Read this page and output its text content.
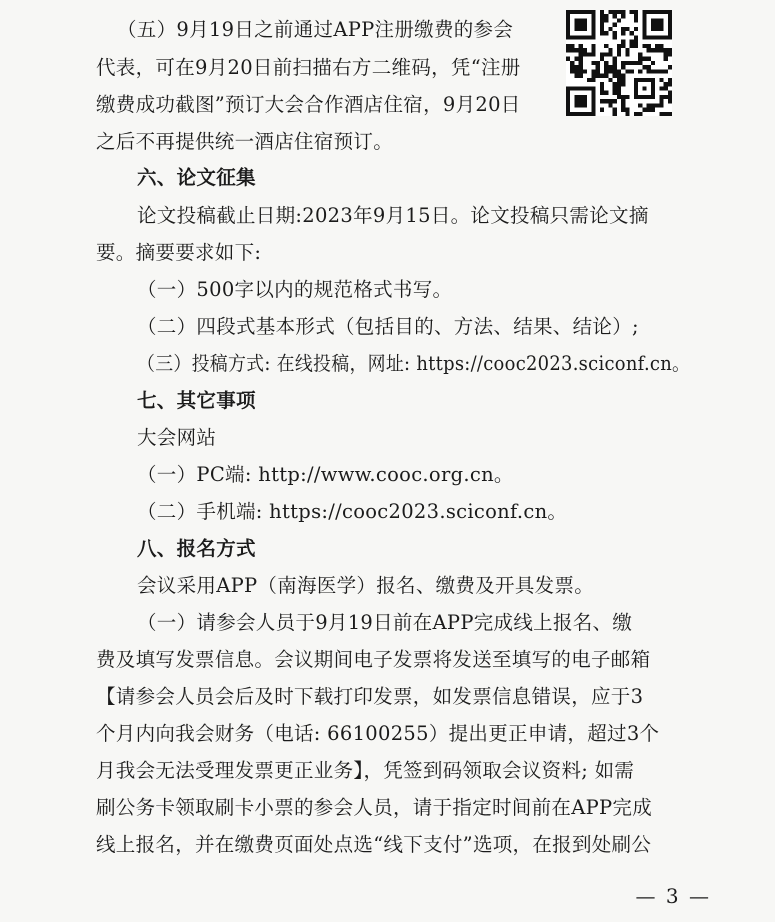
（五）9月19日之前通过APP注册缴费的参会
代表，可在9月20日前扫描右方二维码，凭“注册
缴费成功截图”预订大会合作酒店住宿，9月20日
之后不再提供统一酒店住宿预订。
六、论文征集
论文投稿截止日期:2023年9月15日。论文投稿只需论文摘
要。摘要要求如下:
（一）500字以内的规范格式书写。
（二）四段式基本形式（包括目的、方法、结果、结论）;
（三）投稿方式: 在线投稿，网址: https://cooc2023.sciconf.cn。
七、其它事项
大会网站
（一）PC端: http://www.cooc.org.cn。
（二）手机端: https://cooc2023.sciconf.cn。
八、报名方式
会议采用APP（南海医学）报名、缴费及开具发票。
（一）请参会人员于9月19日前在APP完成线上报名、缴
费及填写发票信息。会议期间电子发票将发送至填写的电子邮箱
【请参会人员会后及时下载打印发票，如发票信息错误，应于3
个月内向我会财务（电话: 66100255）提出更正申请，超过3个
月我会无法受理发票更正业务】，凭签到码领取会议资料; 如需
刷公务卡领取刷卡小票的参会人员，请于指定时间前在APP完成
线上报名，并在缴费页面处点选“线下支付”选项，在报到处刷公
— 3 —
